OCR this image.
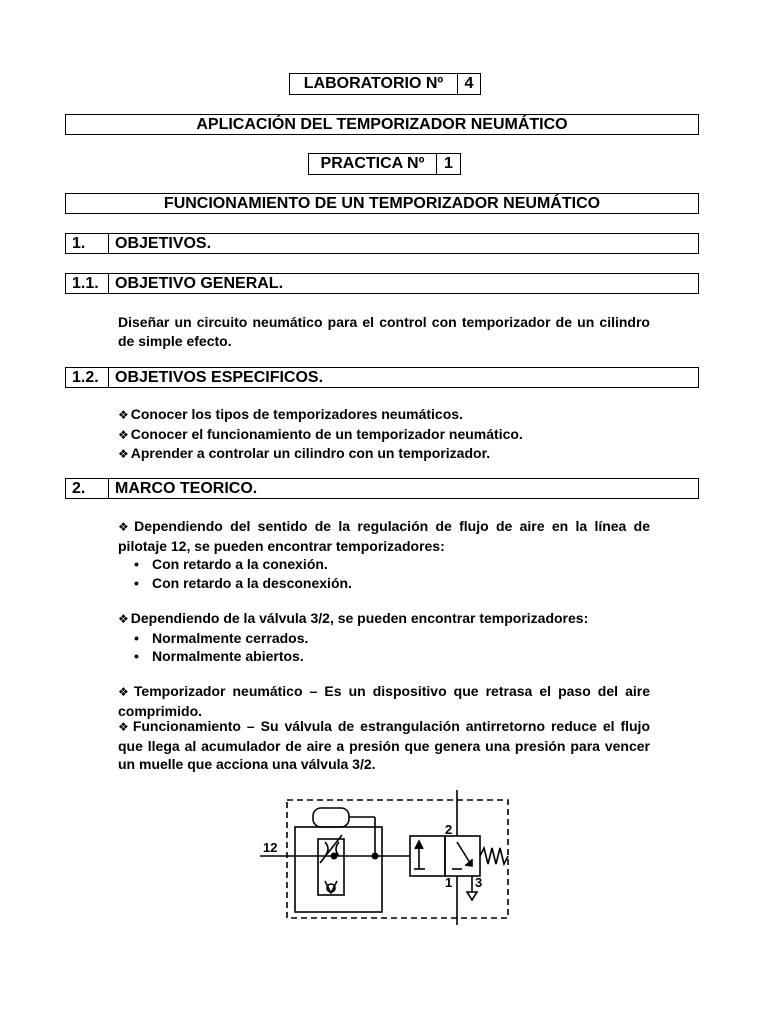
LABORATORIO Nº	4
APLICACIÓN DEL TEMPORIZADOR NEUMÁTICO
PRACTICA Nº	1
FUNCIONAMIENTO DE UN TEMPORIZADOR NEUMÁTICO
1.	OBJETIVOS.
1.1.	OBJETIVO GENERAL.
Diseñar un circuito neumático para el control con temporizador de un cilindro de simple efecto.
1.2.	OBJETIVOS ESPECIFICOS.
❖ Conocer los tipos de temporizadores neumáticos.
❖ Conocer el funcionamiento de un temporizador neumático.
❖ Aprender a controlar un cilindro con un temporizador.
2.	MARCO TEORICO.
❖ Dependiendo del sentido de la regulación de flujo de aire en la línea de pilotaje 12, se pueden encontrar temporizadores:
• Con retardo a la conexión.
• Con retardo a la desconexión.
❖ Dependiendo de la válvula 3/2, se pueden encontrar temporizadores:
• Normalmente cerrados.
• Normalmente abiertos.
❖ Temporizador neumático – Es un dispositivo que retrasa el paso del aire comprimido.
❖ Funcionamiento – Su válvula de estrangulación antirretorno reduce el flujo que llega al acumulador de aire a presión que genera una presión para vencer un muelle que acciona una válvula 3/2.
12
2
1 3
